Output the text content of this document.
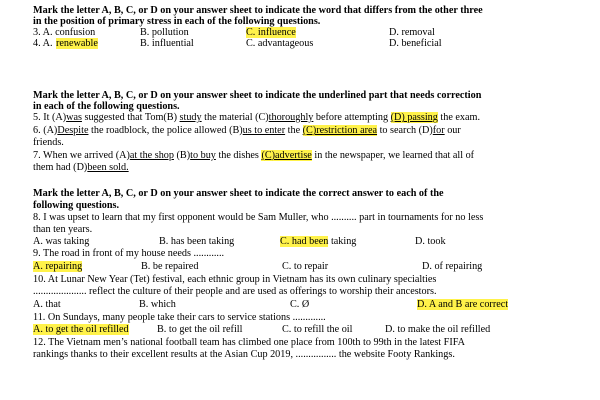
Mark the letter A, B, C, or D on your answer sheet to indicate the word that differs from the other three
in the position of primary stress in each of the following questions.
3. A. confusion	B. pollution	C. influence	D. removal
4. A. renewable	B. influential	C. advantageous	D. beneficial
Mark the letter A, B, C, or D on your answer sheet to indicate the underlined part that needs correction
in each of the following questions.
5. It (A)was suggested that Tom(B) study the material (C)thoroughly before attempting (D) passing the exam.
6. (A)Despite the roadblock, the police allowed (B)us to enter the (C)restriction area to search (D)for our
friends.
7. When we arrived (A)at the shop (B)to buy the dishes (C)advertise in the newspaper, we learned that all of
them had (D)been sold.
Mark the letter A, B, C, or D on your answer sheet to indicate the correct answer to each of the
following questions.
8. I was upset to learn that my first opponent would be Sam Muller, who .......... part in tournaments for no less
than ten years.
A. was taking	B. has been taking	C. had been taking	D. took
9. The road in front of my house needs ............
A. repairing	B. be repaired	C. to repair	D. of repairing
10. At Lunar New Year (Tet) festival, each ethnic group in Vietnam has its own culinary specialties
..................... reflect the culture of their people and are used as offerings to worship their ancestors.
A. that	B. which	C. Ø	D. A and B are correct
11. On Sundays, many people take their cars to service stations .............
A. to get the oil refilled	B. to get the oil refill	C. to refill the oil	D. to make the oil refilled
12. The Vietnam men’s national football team has climbed one place from 100th to 99th in the latest FIFA
rankings thanks to their excellent results at the Asian Cup 2019, ................ the website Footy Rankings.
